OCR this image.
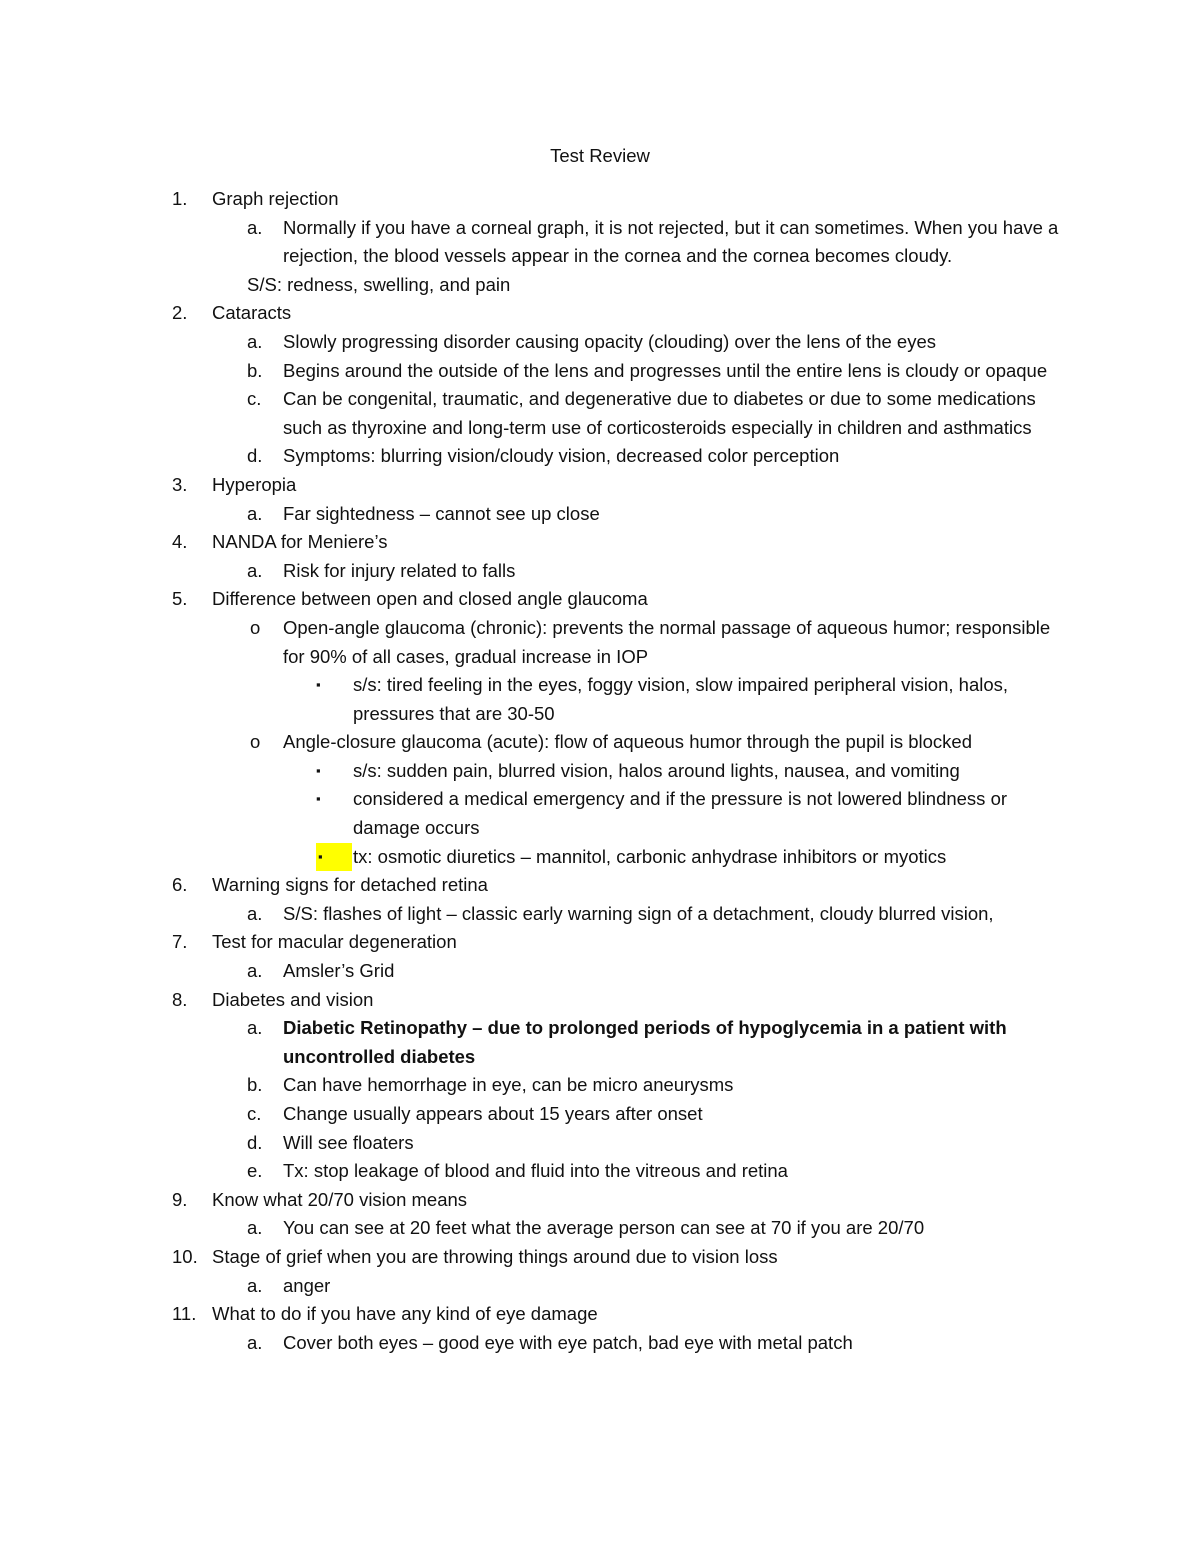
Test Review
1. Graph rejection
a. Normally if you have a corneal graph, it is not rejected, but it can sometimes. When you have a rejection, the blood vessels appear in the cornea and the cornea becomes cloudy.
S/S: redness, swelling, and pain
2. Cataracts
a. Slowly progressing disorder causing opacity (clouding) over the lens of the eyes
b. Begins around the outside of the lens and progresses until the entire lens is cloudy or opaque
c. Can be congenital, traumatic, and degenerative due to diabetes or due to some medications such as thyroxine and long-term use of corticosteroids especially in children and asthmatics
d. Symptoms: blurring vision/cloudy vision, decreased color perception
3. Hyperopia
a. Far sightedness – cannot see up close
4. NANDA for Meniere’s
a. Risk for injury related to falls
5. Difference between open and closed angle glaucoma
o Open-angle glaucoma (chronic): prevents the normal passage of aqueous humor; responsible for 90% of all cases, gradual increase in IOP
▪ s/s: tired feeling in the eyes, foggy vision, slow impaired peripheral vision, halos, pressures that are 30-50
o Angle-closure glaucoma (acute): flow of aqueous humor through the pupil is blocked
▪ s/s: sudden pain, blurred vision, halos around lights, nausea, and vomiting
▪ considered a medical emergency and if the pressure is not lowered blindness or damage occurs
▪	tx: osmotic diuretics – mannitol, carbonic anhydrase inhibitors or myotics
6. Warning signs for detached retina
a. S/S: flashes of light – classic early warning sign of a detachment, cloudy blurred vision,
7. Test for macular degeneration
a. Amsler’s Grid
8. Diabetes and vision
a. Diabetic Retinopathy – due to prolonged periods of hypoglycemia in a patient with uncontrolled diabetes
b. Can have hemorrhage in eye, can be micro aneurysms
c. Change usually appears about 15 years after onset
d. Will see floaters
e. Tx: stop leakage of blood and fluid into the vitreous and retina
9. Know what 20/70 vision means
a. You can see at 20 feet what the average person can see at 70 if you are 20/70
10. Stage of grief when you are throwing things around due to vision loss
a. anger
11. What to do if you have any kind of eye damage
a. Cover both eyes – good eye with eye patch, bad eye with metal patch
